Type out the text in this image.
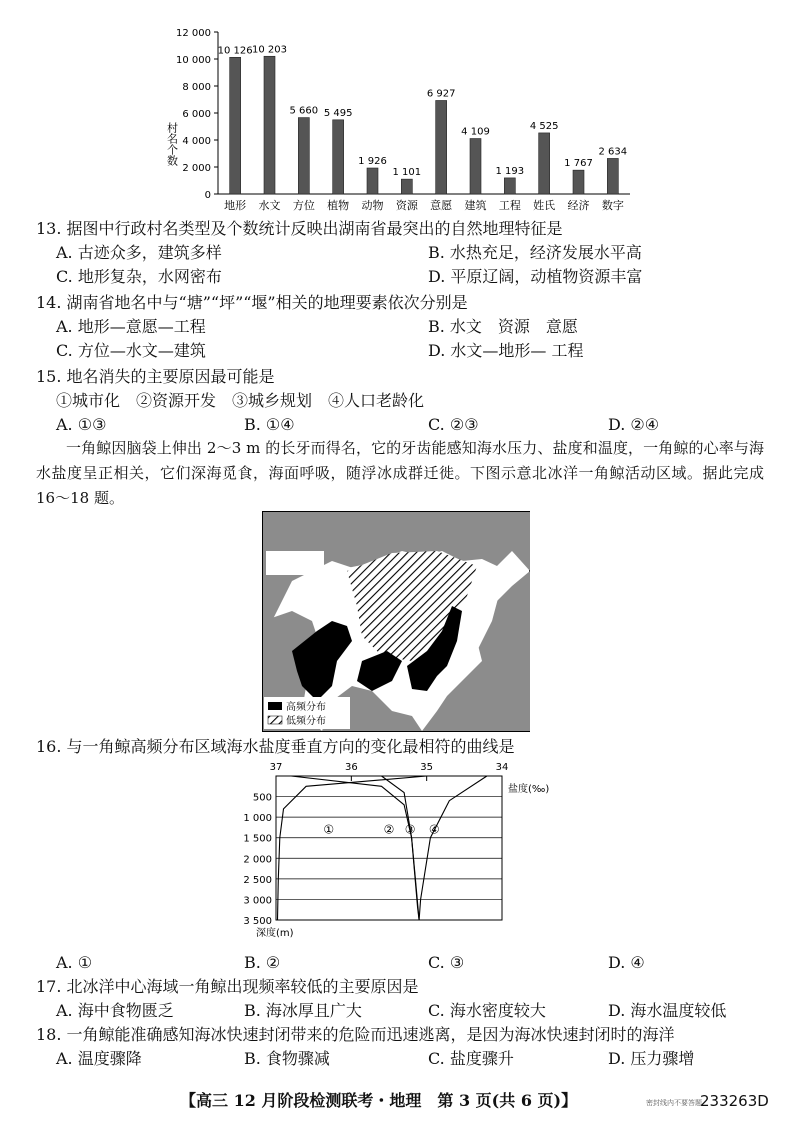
村名个数
0
2 000
4 000
6 000
8 000
10 000
12 000
10 126
地形
10 203
水文
5 660
方位
5 495
植物
1 926
动物
1 101
资源
6 927
意愿
4 109
建筑
1 193
工程
4 525
姓氏
1 767
经济
2 634
数字
13. 据图中行政村名类型及个数统计反映出湖南省最突出的自然地理特征是
A. 古迹众多，建筑多样	B. 水热充足，经济发展水平高
C. 地形复杂，水网密布	D. 平原辽阔，动植物资源丰富
14. 湖南省地名中与“塘”“坪”“堰”相关的地理要素依次分别是
A. 地形—意愿—工程	B. 水文　资源　意愿
C. 方位—水文—建筑	D. 水文—地形— 工程
15. 地名消失的主要原因最可能是
①城市化　②资源开发　③城乡规划　④人口老龄化
A. ①③	B. ①④	C. ②③	D. ②④
一角鲸因脑袋上伸出 2～3 m 的长牙而得名，它的牙齿能感知海水压力、盐度和温度，一角鲸的心率与海水盐度呈正相关，它们深海觅食，海面呼吸，随浮冰成群迁徙。下图示意北冰洋一角鲸活动区域。据此完成 16～18 题。
高频分布
低频分布
16. 与一角鲸高频分布区域海水盐度垂直方向的变化最相符的曲线是
37	36	35	34
盐度(‰)
500
1 000
1 500
2 000
2 500
3 000
3 500
深度(m)
①	② ③ ④
A. ①	B. ②	C. ③	D. ④
17. 北冰洋中心海域一角鲸出现频率较低的主要原因是
A. 海中食物匮乏	B. 海冰厚且广大	C. 海水密度较大	D. 海水温度较低
18. 一角鲸能准确感知海冰快速封闭带来的危险而迅速逃离，是因为海冰快速封闭时的海洋
A. 温度骤降	B. 食物骤减	C. 盐度骤升	D. 压力骤增
【高三 12 月阶段检测联考・地理　第 3 页(共 6 页)】	密封线内不要答题
233263D
